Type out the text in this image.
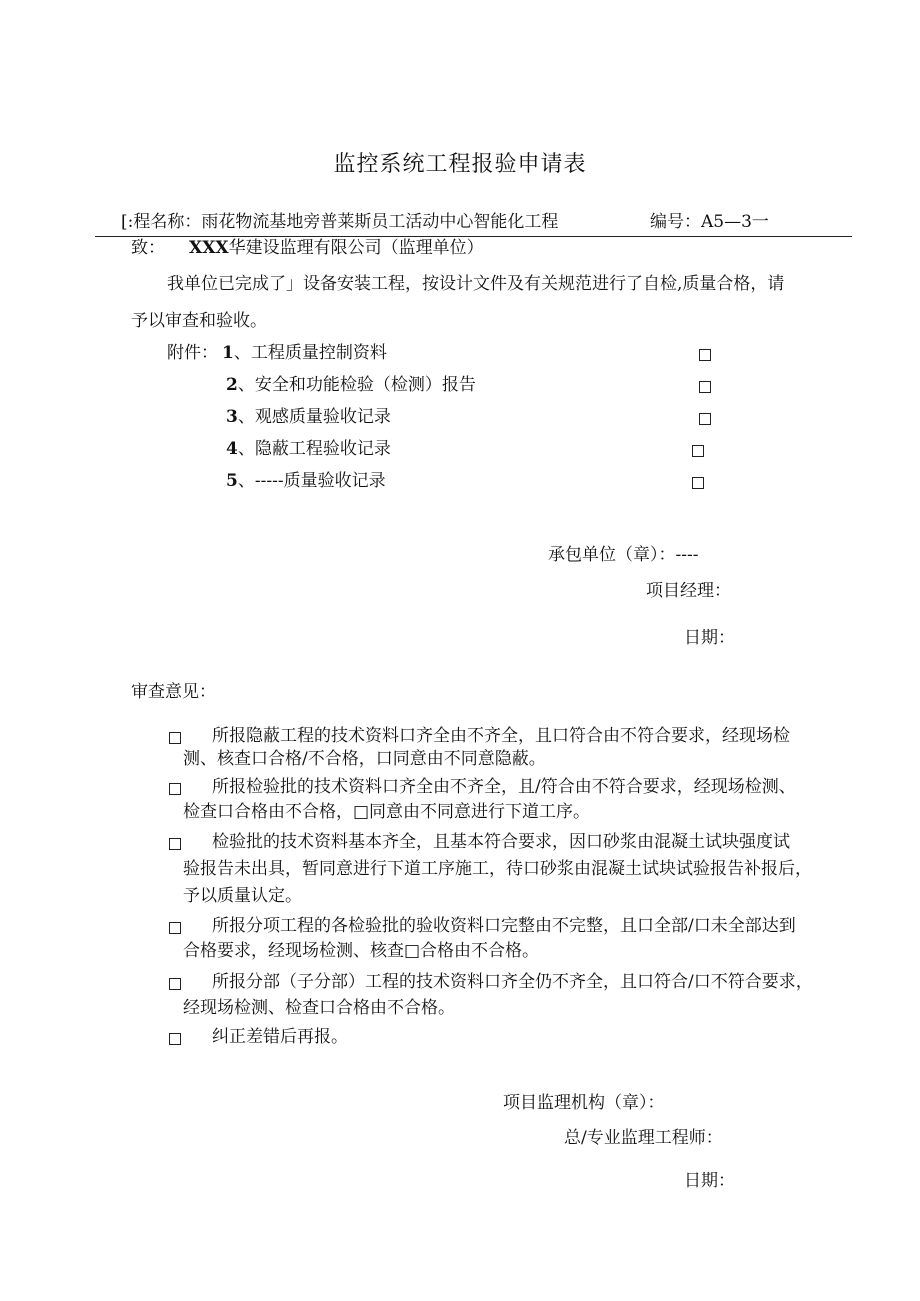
监控系统工程报验申请表
[:程名称：雨花物流基地旁普莱斯员工活动中心智能化工程	编号：A5—3一
致： XXX华建设监理有限公司（监理单位）
我单位已完成了」设备安装工程，按设计文件及有关规范进行了自检,质量合格，请
予以审查和验收。
附件： 1、工程质量控制资料
2、安全和功能检验（检测）报告
3、观感质量验收记录
4、隐蔽工程验收记录
5、-----质量验收记录
承包单位（章）：----
项目经理：
日期：
审查意见：
所报隐蔽工程的技术资料口齐全由不齐全，且口符合由不符合要求，经现场检
测、核查口合格/不合格，口同意由不同意隐蔽。
所报检验批的技术资料口齐全由不齐全，且/符合由不符合要求，经现场检测、
检查口合格由不合格，□同意由不同意进行下道工序。
检验批的技术资料基本齐全，且基本符合要求，因口砂浆由混凝土试块强度试
验报告未出具，暂同意进行下道工序施工，待口砂浆由混凝土试块试验报告补报后，
予以质量认定。
所报分项工程的各检验批的验收资料口完整由不完整，且口全部/口未全部达到
合格要求，经现场检测、核查□合格由不合格。
所报分部（子分部）工程的技术资料口齐全仍不齐全，且口符合/口不符合要求，
经现场检测、检查口合格由不合格。
纠正差错后再报。
项目监理机构（章）：
总/专业监理工程师：
日期：
